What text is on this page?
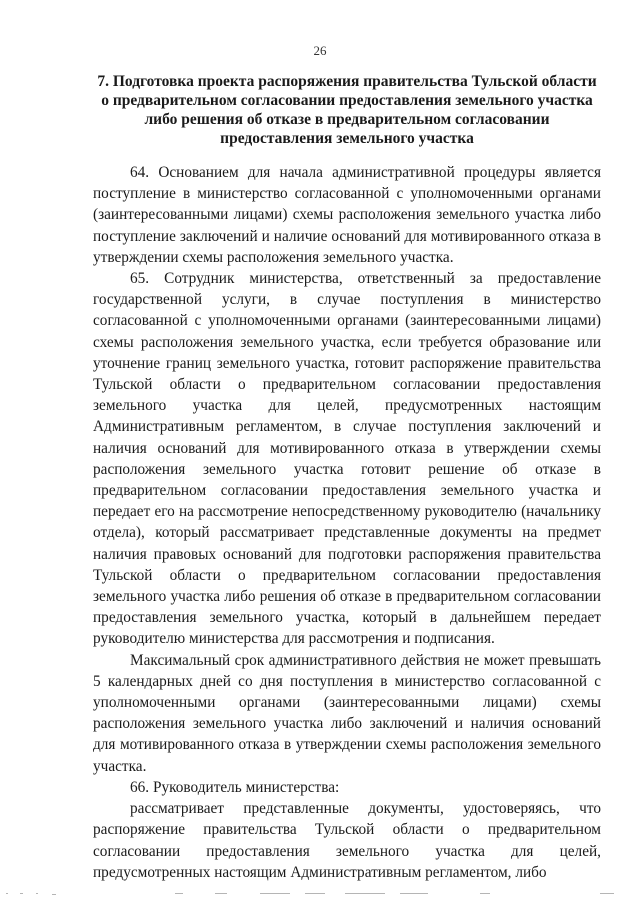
26
7. Подготовка проекта распоряжения правительства Тульской области о предварительном согласовании предоставления земельного участка либо решения об отказе в предварительном согласовании предоставления земельного участка

64. Основанием для начала административной процедуры является поступление в министерство согласованной с уполномоченными органами (заинтересованными лицами) схемы расположения земельного участка либо поступление заключений и наличие оснований для мотивированного отказа в утверждении схемы расположения земельного участка.

65. Сотрудник министерства, ответственный за предоставление государственной услуги, в случае поступления в министерство согласованной с уполномоченными органами (заинтересованными лицами) схемы расположения земельного участка, если требуется образование или уточнение границ земельного участка, готовит распоряжение правительства Тульской области о предварительном согласовании предоставления земельного участка для целей, предусмотренных настоящим Административным регламентом, в случае поступления заключений и наличия оснований для мотивированного отказа в утверждении схемы расположения земельного участка готовит решение об отказе в предварительном согласовании предоставления земельного участка и передает его на рассмотрение непосредственному руководителю (начальнику отдела), который рассматривает представленные документы на предмет наличия правовых оснований для подготовки распоряжения правительства Тульской области о предварительном согласовании предоставления земельного участка либо решения об отказе в предварительном согласовании предоставления земельного участка, который в дальнейшем передает руководителю министерства для рассмотрения и подписания.

Максимальный срок административного действия не может превышать 5 календарных дней со дня поступления в министерство согласованной с уполномоченными органами (заинтересованными лицами) схемы расположения земельного участка либо заключений и наличия оснований для мотивированного отказа в утверждении схемы расположения земельного участка.

66. Руководитель министерства:

рассматривает представленные документы, удостоверяясь, что распоряжение правительства Тульской области о предварительном согласовании предоставления земельного участка для целей, предусмотренных настоящим Административным регламентом, либо
